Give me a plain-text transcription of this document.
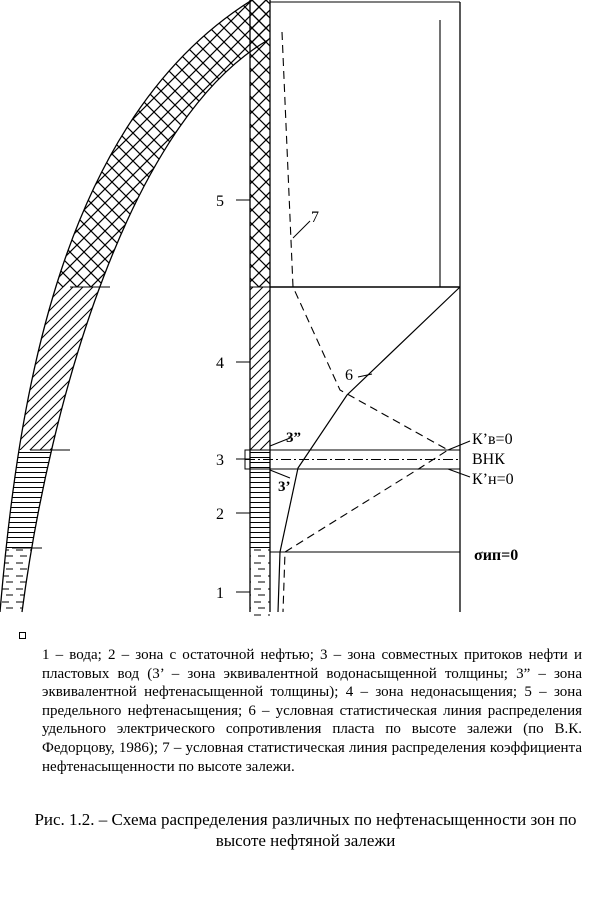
5
4
3
2
1
7
6
3”
3’
К’в=0
ВНК
К’н=0
σип=0
1 – вода; 2 – зона с остаточной нефтью; 3 – зона совместных притоков нефти и пластовых вод (3’ – зона эквивалентной водонасыщенной толщины; 3” – зона эквивалентной нефтенасыщенной толщины); 4 – зона недонасыщения; 5 – зона предельного нефтенасыщения; 6 – условная статистическая линия распределения удельного электрического сопротивления пласта по высоте залежи (по В.К. Федорцову, 1986); 7 – условная статистическая линия распределения коэффициента нефтенасыщенности по высоте залежи.
Рис. 1.2. – Схема распределения различных по нефтенасыщенности зон по высоте нефтяной залежи
